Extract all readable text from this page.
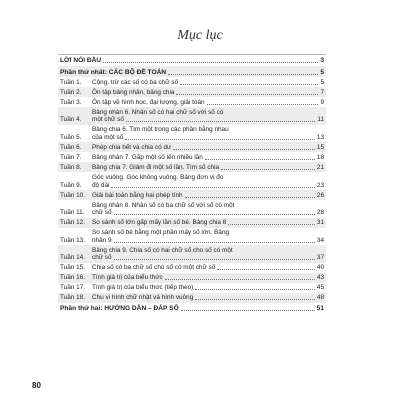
Mục lục
LỜI NÓI ĐẦU	3
Phần thứ nhất: CÁC BỘ ĐỀ TOÁN	5
Tuần 1.	Cộng, trừ các số có ba chữ số	5
Tuần 2.	Ôn tập bảng nhân, bảng chia	7
Tuần 3.	Ôn tập về hình học, đại lượng, giải toán	9
Tuần 4.
Bảng nhân 6. Nhân số có hai chữ số với số có
một chữ số	11
Tuần 5.
Bảng chia 6. Tìm một trong các phần bằng nhau
của một số	13
Tuần 6.	Phép chia hết và chia có dư	15
Tuần 7.	Bảng nhân 7. Gấp một số lên nhiều lần	18
Tuần 8.	Bảng chia 7. Giảm đi một số lần. Tìm số chia	21
Tuần 9.
Góc vuông. Góc không vuông. Bảng đơn vị đo
độ dài	23
Tuần 10.	Giải bài toán bằng hai phép tính	26
Tuần 11.
Bảng nhân 8. Nhân số có ba chữ số với số có một
chữ số	28
Tuần 12.	So sánh số lớn gấp mấy lần số bé. Bảng chia 8	31
Tuần 13.
So sánh số bé bằng một phần mấy số lớn. Bảng
nhân 9	34
Tuần 14.
Bảng chia 9. Chia số có hai chữ số cho số có một
chữ số	37
Tuần 15.	Chia số có ba chữ số cho số có một chữ số	40
Tuần 16.	Tính giá trị của biểu thức	43
Tuần 17.	Tính giá trị của biểu thức (tiếp theo)	45
Tuần 18.	Chu vi hình chữ nhật và hình vuông	48
Phần thứ hai: HƯỚNG DẪN – ĐÁP SỐ	51
80
